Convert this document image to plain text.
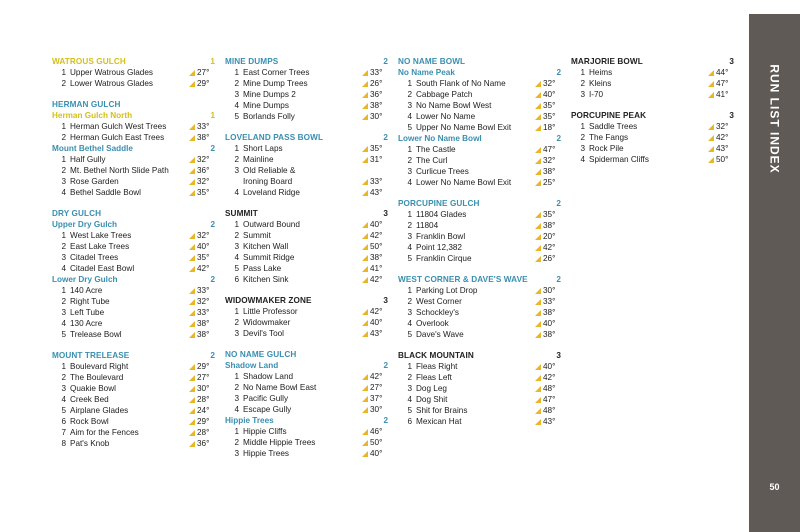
WATROUS GULCH	1
1 Upper Watrous Glades	27°
2 Lower Watrous Glades	29°
HERMAN GULCH
Herman Gulch North	1
1 Herman Gulch West Trees	33°
2 Herman Gulch East Trees	38°
Mount Bethel Saddle	2
1 Half Gully	32°
2 Mt. Bethel North Slide Path	36°
3 Rose Garden	32°
4 Bethel Saddle Bowl	35°
DRY GULCH
Upper Dry Gulch	2
1 West Lake Trees	32°
2 East Lake Trees	40°
3 Citadel Trees	35°
4 Citadel East Bowl	42°
Lower Dry Gulch	2
1 140 Acre	33°
2 Right Tube	32°
3 Left Tube	33°
4 130 Acre	38°
5 Trelease Bowl	38°
MOUNT TRELEASE	2
1 Boulevard Right	29°
2 The Boulevard	27°
3 Quakie Bowl	30°
4 Creek Bed	28°
5 Airplane Glades	24°
6 Rock Bowl	29°
7 Aim for the Fences	28°
8 Pat's Knob	36°
MINE DUMPS	2
1 East Corner Trees	33°
2 Mine Dump Trees	26°
3 Mine Dumps 2	36°
4 Mine Dumps	38°
5 Borlands Folly	30°
LOVELAND PASS BOWL	2
1 Short Laps	35°
2 Mainline	31°
3 Old Reliable &
Ironing Board	33°
4 Loveland Ridge	43°
SUMMIT	3
1 Outward Bound	40°
2 Summit	42°
3 Kitchen Wall	50°
4 Summit Ridge	38°
5 Pass Lake	41°
6 Kitchen Sink	42°
WIDOWMAKER ZONE	3
1 Little Professor	42°
2 Widowmaker	40°
3 Devil's Tool	43°
NO NAME GULCH
Shadow Land	2
1 Shadow Land	42°
2 No Name Bowl East	27°
3 Pacific Gully	37°
4 Escape Gully	30°
Hippie Trees	2
1 Hippie Cliffs	46°
2 Middle Hippie Trees	50°
3 Hippie Trees	40°
NO NAME BOWL
No Name Peak	2
1 South Flank of No Name	32°
2 Cabbage Patch	40°
3 No Name Bowl West	35°
4 Lower No Name	35°
5 Upper No Name Bowl Exit	18°
Lower No Name Bowl	2
1 The Castle	47°
2 The Curl	32°
3 Curlicue Trees	38°
4 Lower No Name Bowl Exit	25°
PORCUPINE GULCH	2
1 11804 Glades	35°
2 11804	38°
3 Franklin Bowl	20°
4 Point 12,382	42°
5 Franklin Cirque	26°
WEST CORNER & DAVE'S WAVE	2
1 Parking Lot Drop	30°
2 West Corner	33°
3 Schockley's	38°
4 Overlook	40°
5 Dave's Wave	38°
BLACK MOUNTAIN	3
1 Fleas Right	40°
2 Fleas Left	42°
3 Dog Leg	48°
4 Dog Shit	47°
5 Shit for Brains	48°
6 Mexican Hat	43°
MARJORIE BOWL	3
1 Heims	44°
2 Kleins	47°
3 I-70	41°
PORCUPINE PEAK	3
1 Saddle Trees	32°
2 The Fangs	42°
3 Rock Pile	43°
4 Spiderman Cliffs	50°	RUN LIST INDEX
50
